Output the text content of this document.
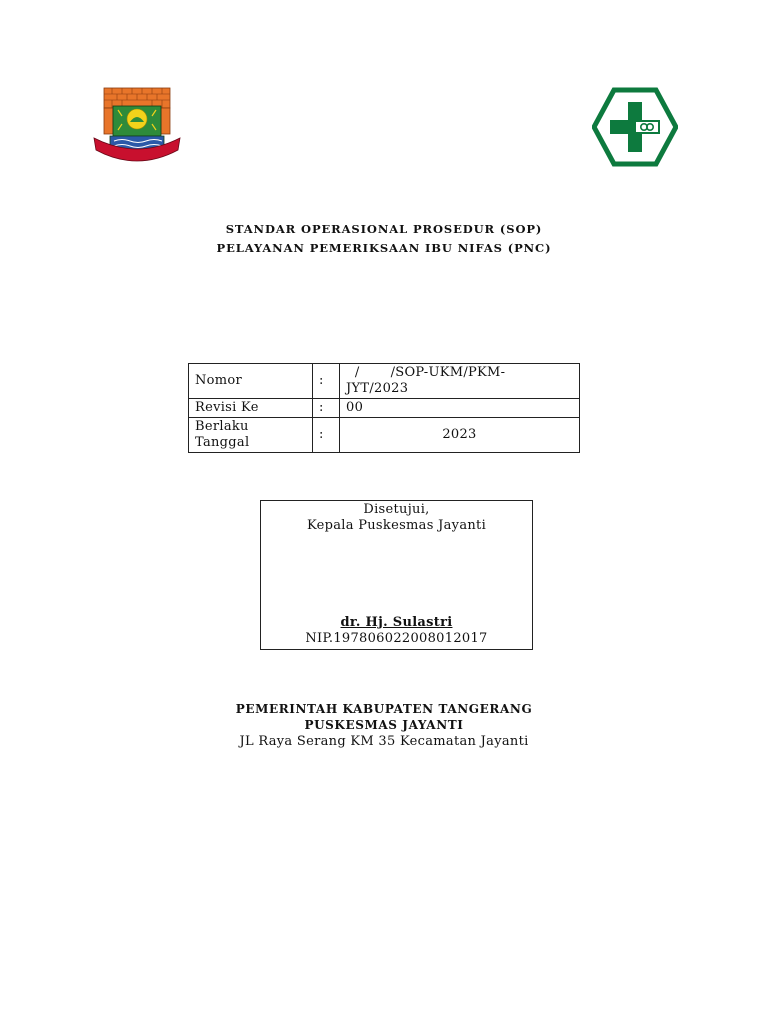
STANDAR OPERASIONAL PROSEDUR (SOP)
PELAYANAN PEMERIKSAAN IBU NIFAS (PNC)
Nomor	:	/       /SOP-UKM/PKM-
JYT/2023

Revisi Ke	:	00

Berlaku
Tanggal	:	2023
Disetujui,
Kepala Puskesmas Jayanti
dr. Hj. Sulastri
NIP.197806022008012017
PEMERINTAH KABUPATEN TANGERANG
PUSKESMAS JAYANTI
JL Raya Serang KM 35 Kecamatan Jayanti
